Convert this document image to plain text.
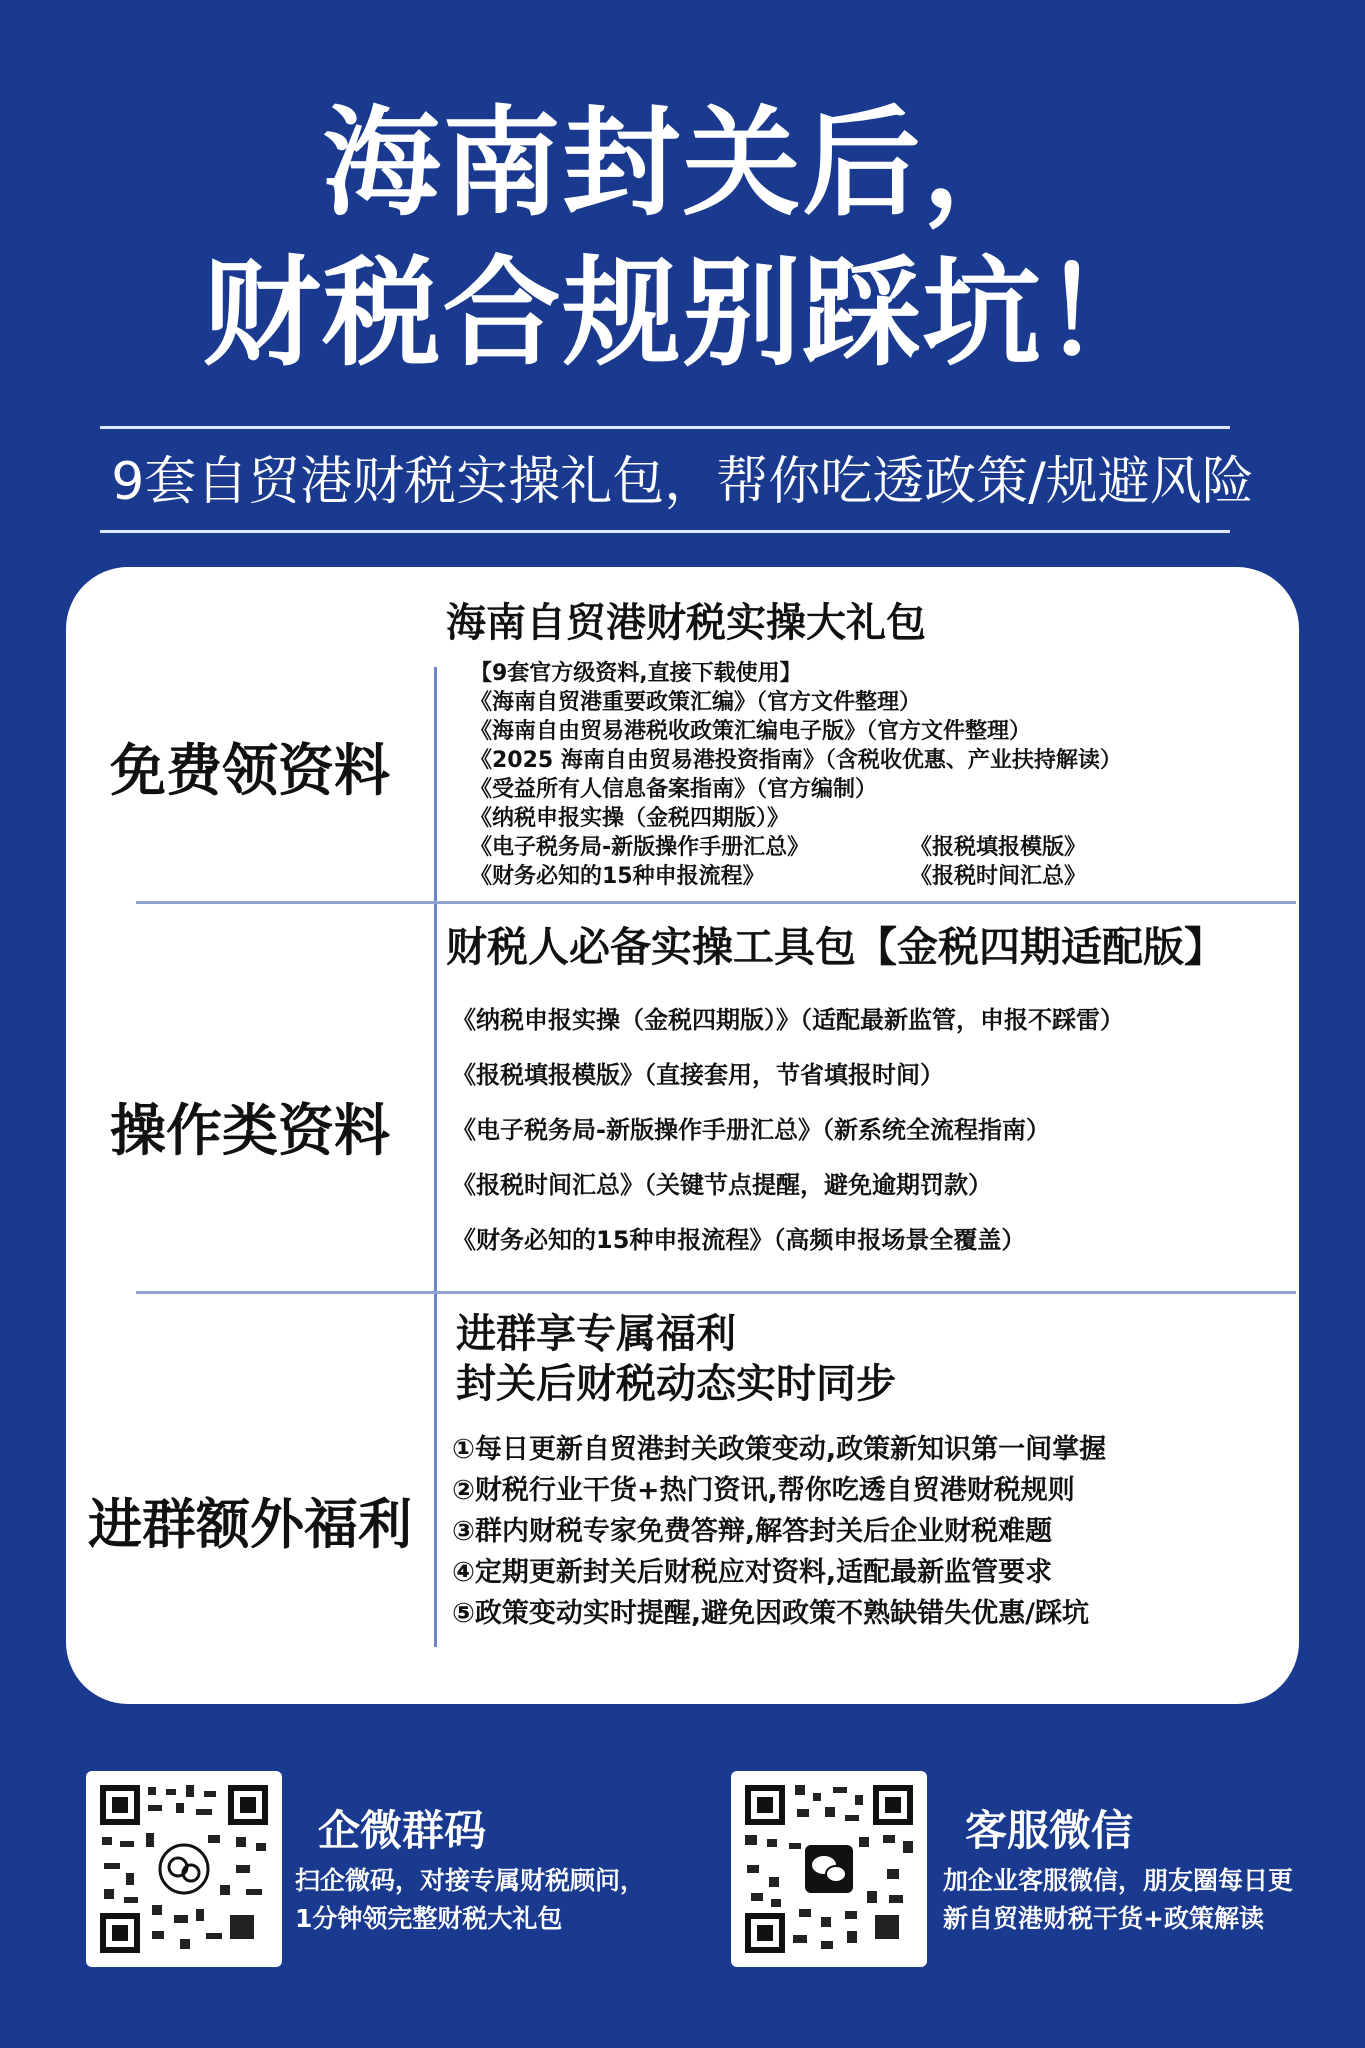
海南封关后，
财税合规别踩坑！
9套自贸港财税实操礼包，帮你吃透政策/规避风险
海南自贸港财税实操大礼包
免费领资料
【9套官方级资料,直接下载使用】
《海南自贸港重要政策汇编》（官方文件整理）
《海南自由贸易港税收政策汇编电子版》（官方文件整理）
《2025 海南自由贸易港投资指南》（含税收优惠、产业扶持解读）
《受益所有人信息备案指南》（官方编制）
《纳税申报实操（金税四期版）》
《电子税务局-新版操作手册汇总》	《报税填报模版》
《财务必知的15种申报流程》	《报税时间汇总》
操作类资料
财税人必备实操工具包【金税四期适配版】
《纳税申报实操（金税四期版）》（适配最新监管，申报不踩雷）
《报税填报模版》（直接套用，节省填报时间）
《电子税务局-新版操作手册汇总》（新系统全流程指南）
《报税时间汇总》（关键节点提醒，避免逾期罚款）
《财务必知的15种申报流程》（高频申报场景全覆盖）
进群额外福利
进群享专属福利
封关后财税动态实时同步
①每日更新自贸港封关政策变动,政策新知识第一间掌握
②财税行业干货+热门资讯,帮你吃透自贸港财税规则
③群内财税专家免费答辩,解答封关后企业财税难题
④定期更新封关后财税应对资料,适配最新监管要求
⑤政策变动实时提醒,避免因政策不熟缺错失优惠/踩坑
企微群码
扫企微码，对接专属财税顾问，
1分钟领完整财税大礼包
客服微信
加企业客服微信，朋友圈每日更
新自贸港财税干货+政策解读
